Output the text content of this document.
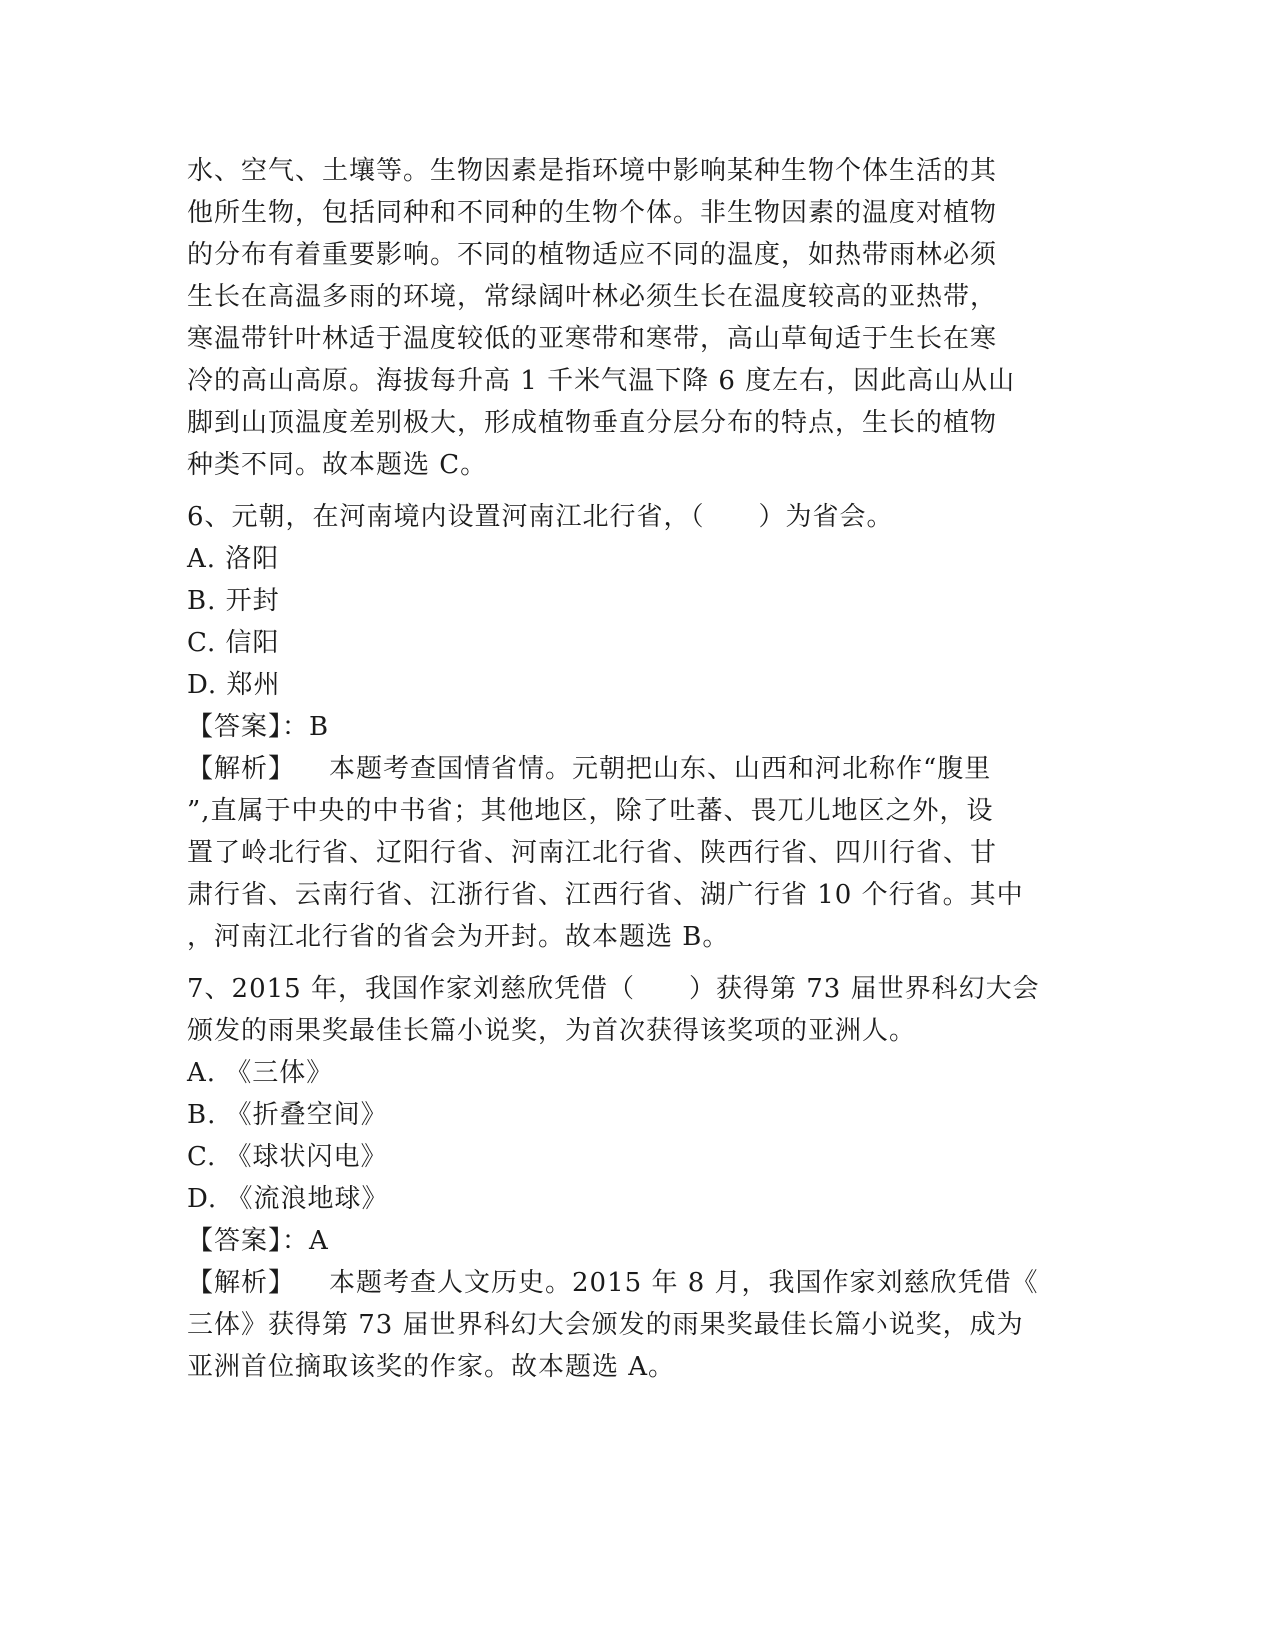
水、空气、土壤等。生物因素是指环境中影响某种生物个体生活的其

他所生物，包括同种和不同种的生物个体。非生物因素的温度对植物

的分布有着重要影响。不同的植物适应不同的温度，如热带雨林必须

生长在高温多雨的环境，常绿阔叶林必须生长在温度较高的亚热带，

寒温带针叶林适于温度较低的亚寒带和寒带，高山草甸适于生长在寒

冷的高山高原。海拔每升高 1 千米气温下降 6 度左右，因此高山从山

脚到山顶温度差别极大，形成植物垂直分层分布的特点，生长的植物

种类不同。故本题选 C。

6、元朝，在河南境内设置河南江北行省，（　　）为省会。

A. 洛阳

B. 开封

C. 信阳

D. 郑州

【答案】：B

【解析】 本题考查国情省情。元朝把山东、山西和河北称作“腹里

”,直属于中央的中书省；其他地区，除了吐蕃、畏兀儿地区之外，设

置了岭北行省、辽阳行省、河南江北行省、陕西行省、四川行省、甘

肃行省、云南行省、江浙行省、江西行省、湖广行省 10 个行省。其中

，河南江北行省的省会为开封。故本题选 B。

7、2015 年，我国作家刘慈欣凭借（　　）获得第 73 届世界科幻大会

颁发的雨果奖最佳长篇小说奖，为首次获得该奖项的亚洲人。

A. 《三体》

B. 《折叠空间》

C. 《球状闪电》

D. 《流浪地球》

【答案】：A

【解析】 本题考查人文历史。2015 年 8 月，我国作家刘慈欣凭借《

三体》获得第 73 届世界科幻大会颁发的雨果奖最佳长篇小说奖，成为

亚洲首位摘取该奖的作家。故本题选 A。
